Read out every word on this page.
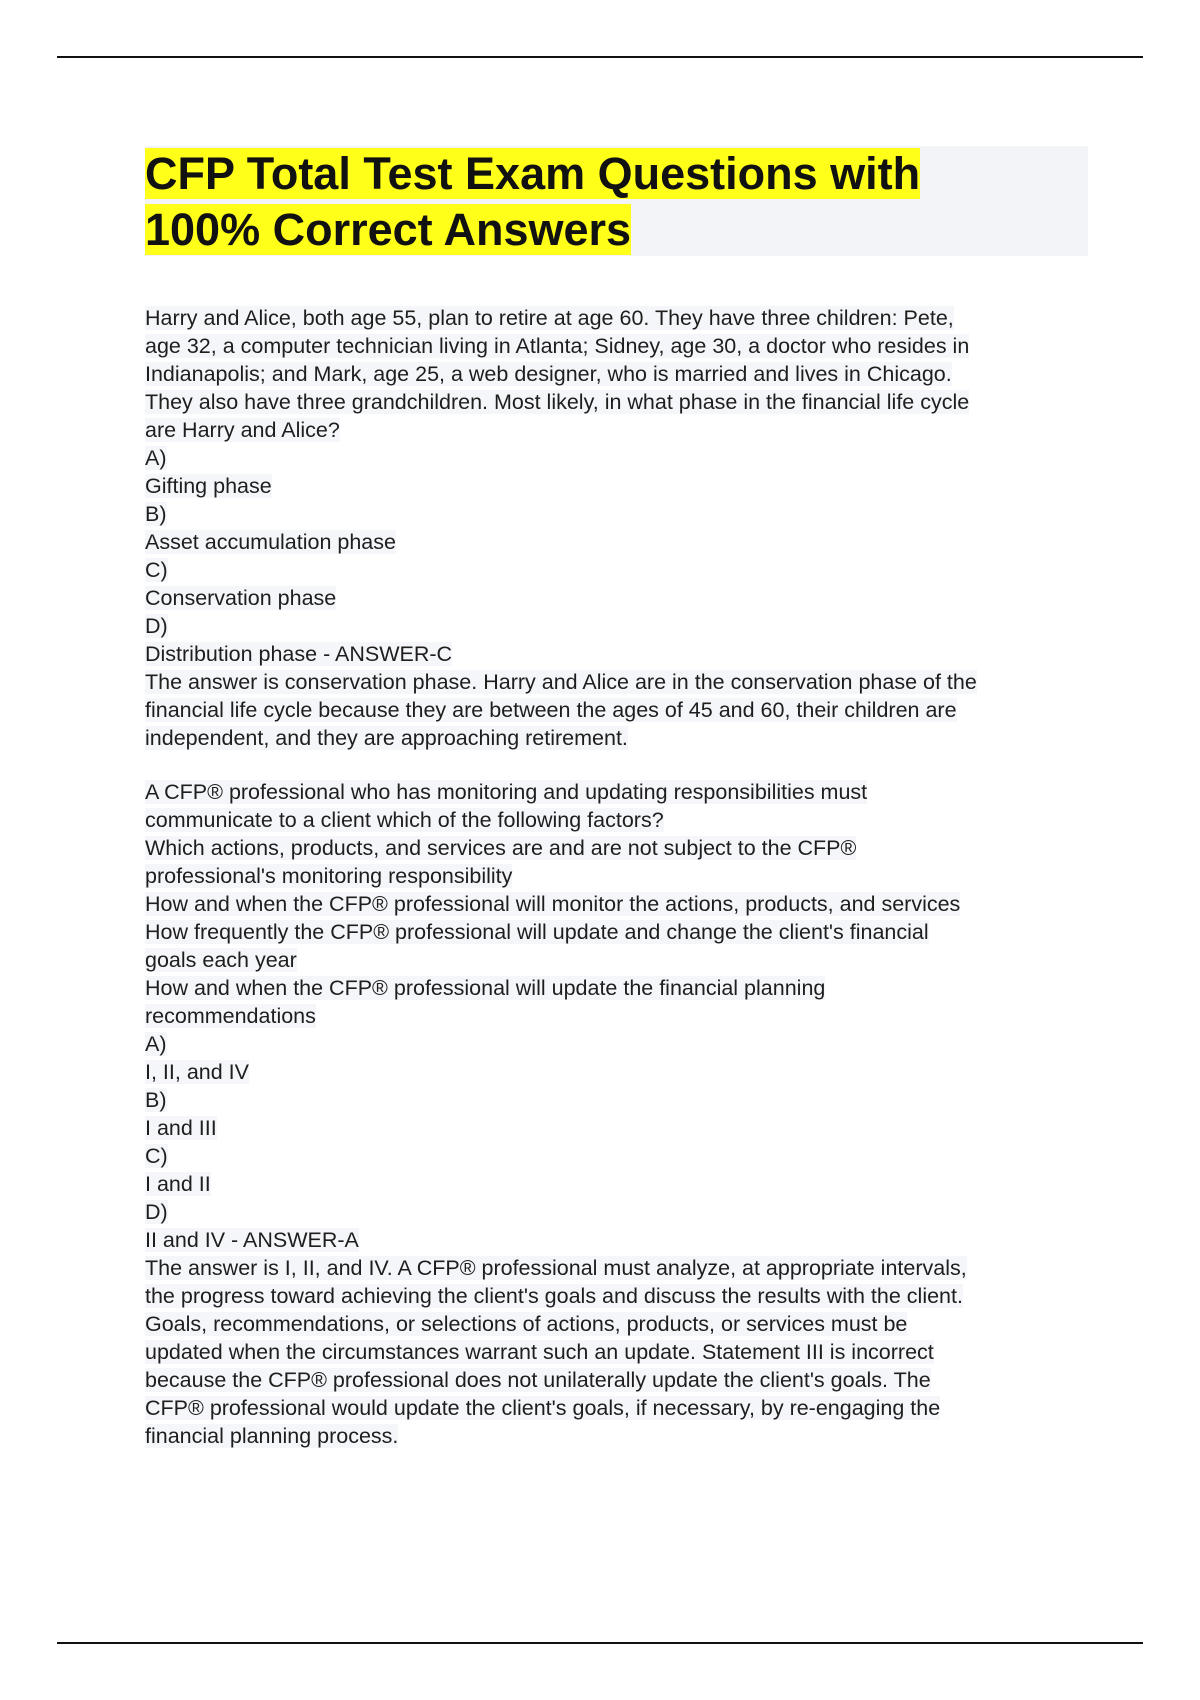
CFP Total Test Exam Questions with
100% Correct Answers
Harry and Alice, both age 55, plan to retire at age 60. They have three children: Pete,
age 32, a computer technician living in Atlanta; Sidney, age 30, a doctor who resides in
Indianapolis; and Mark, age 25, a web designer, who is married and lives in Chicago.
They also have three grandchildren. Most likely, in what phase in the financial life cycle
are Harry and Alice?
A)
Gifting phase
B)
Asset accumulation phase
C)
Conservation phase
D)
Distribution phase - ANSWER-C
The answer is conservation phase. Harry and Alice are in the conservation phase of the
financial life cycle because they are between the ages of 45 and 60, their children are
independent, and they are approaching retirement.
A CFP® professional who has monitoring and updating responsibilities must
communicate to a client which of the following factors?
Which actions, products, and services are and are not subject to the CFP®
professional's monitoring responsibility
How and when the CFP® professional will monitor the actions, products, and services
How frequently the CFP® professional will update and change the client's financial
goals each year
How and when the CFP® professional will update the financial planning
recommendations
A)
I, II, and IV
B)
I and III
C)
I and II
D)
II and IV - ANSWER-A
The answer is I, II, and IV. A CFP® professional must analyze, at appropriate intervals,
the progress toward achieving the client's goals and discuss the results with the client.
Goals, recommendations, or selections of actions, products, or services must be
updated when the circumstances warrant such an update. Statement III is incorrect
because the CFP® professional does not unilaterally update the client's goals. The
CFP® professional would update the client's goals, if necessary, by re-engaging the
financial planning process.
